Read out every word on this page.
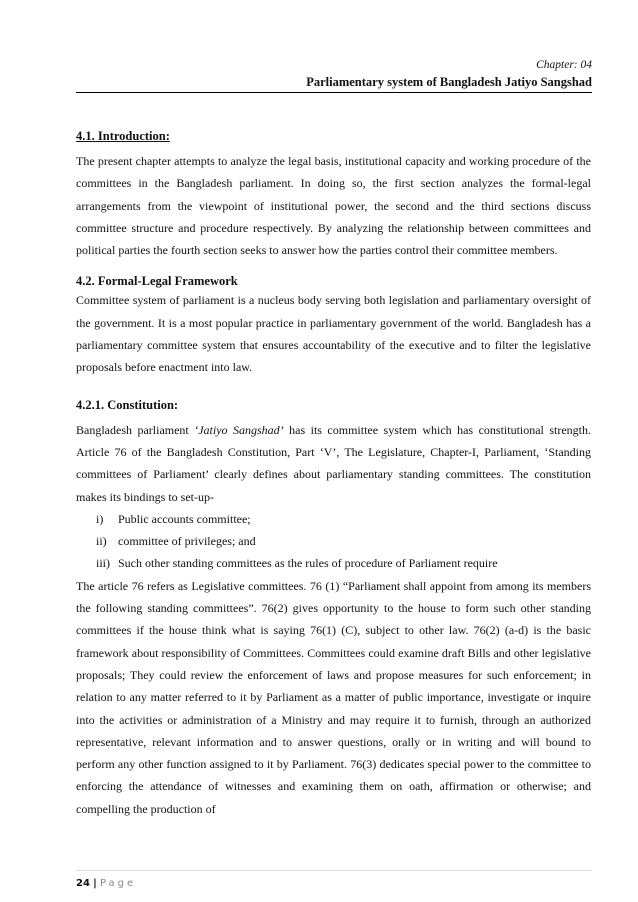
Chapter: 04
Parliamentary system of Bangladesh Jatiyo Sangshad
4.1. Introduction:

The present chapter attempts to analyze the legal basis, institutional capacity and working procedure of the committees in the Bangladesh parliament. In doing so, the first section analyzes the formal-legal arrangements from the viewpoint of institutional power, the second and the third sections discuss committee structure and procedure respectively. By analyzing the relationship between committees and political parties the fourth section seeks to answer how the parties control their committee members.

4.2. Formal-Legal Framework

Committee system of parliament is a nucleus body serving both legislation and parliamentary oversight of the government. It is a most popular practice in parliamentary government of the world. Bangladesh has a parliamentary committee system that ensures accountability of the executive and to filter the legislative proposals before enactment into law.

4.2.1. Constitution:

Bangladesh parliament ‘Jatiyo Sangshad’ has its committee system which has constitutional strength. Article 76 of the Bangladesh Constitution, Part ‘V’, The Legislature, Chapter-I, Parliament, ‘Standing committees of Parliament’ clearly defines about parliamentary standing committees. The constitution makes its bindings to set-up-

i) Public accounts committee;
ii) committee of privileges; and
iii) Such other standing committees as the rules of procedure of Parliament require

The article 76 refers as Legislative committees. 76 (1) “Parliament shall appoint from among its members the following standing committees”. 76(2) gives opportunity to the house to form such other standing committees if the house think what is saying 76(1) (C), subject to other law. 76(2) (a-d) is the basic framework about responsibility of Committees. Committees could examine draft Bills and other legislative proposals; They could review the enforcement of laws and propose measures for such enforcement; in relation to any matter referred to it by Parliament as a matter of public importance, investigate or inquire into the activities or administration of a Ministry and may require it to furnish, through an authorized representative, relevant information and to answer questions, orally or in writing and will bound to perform any other function assigned to it by Parliament. 76(3) dedicates special power to the committee to enforcing the attendance of witnesses and examining them on oath, affirmation or otherwise; and compelling the production of

24 | Page
